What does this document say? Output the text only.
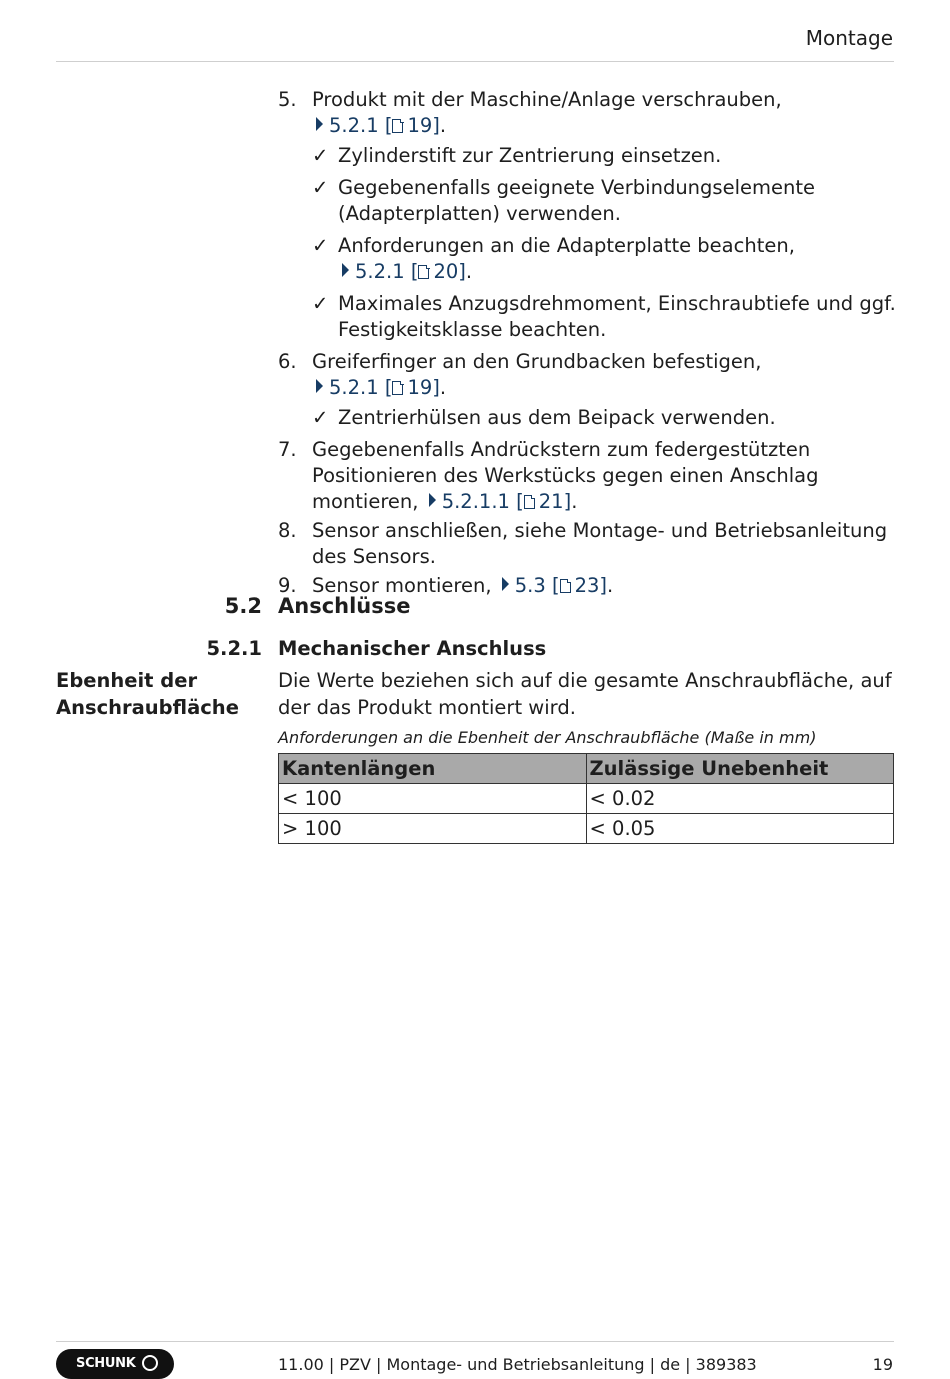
Montage
5. Produkt mit der Maschine/Anlage verschrauben, 5.2.1 [ 19].
✓ Zylinderstift zur Zentrierung einsetzen.
✓ Gegebenenfalls geeignete Verbindungselemente (Adapterplatten) verwenden.
✓ Anforderungen an die Adapterplatte beachten, 5.2.1 [ 20].
✓ Maximales Anzugsdrehmoment, Einschraubtiefe und ggf. Festigkeitsklasse beachten.
6. Greiferfinger an den Grundbacken befestigen, 5.2.1 [ 19].
✓ Zentrierhülsen aus dem Beipack verwenden.
7. Gegebenenfalls Andrückstern zum federgestützten Positionieren des Werkstücks gegen einen Anschlag montieren, 5.2.1.1 [ 21].
8. Sensor anschließen, siehe Montage- und Betriebsanleitung des Sensors.
9. Sensor montieren, 5.3 [ 23].
5.2 Anschlüsse
5.2.1 Mechanischer Anschluss
Ebenheit der
Anschraubfläche
Die Werte beziehen sich auf die gesamte Anschraubfläche, auf der das Produkt montiert wird.
Anforderungen an die Ebenheit der Anschraubfläche (Maße in mm)
Kantenlängen	Zulässige Unebenheit
< 100	< 0.02
> 100	< 0.05
SCHUNK	11.00 | PZV | Montage- und Betriebsanleitung | de | 389383	19
